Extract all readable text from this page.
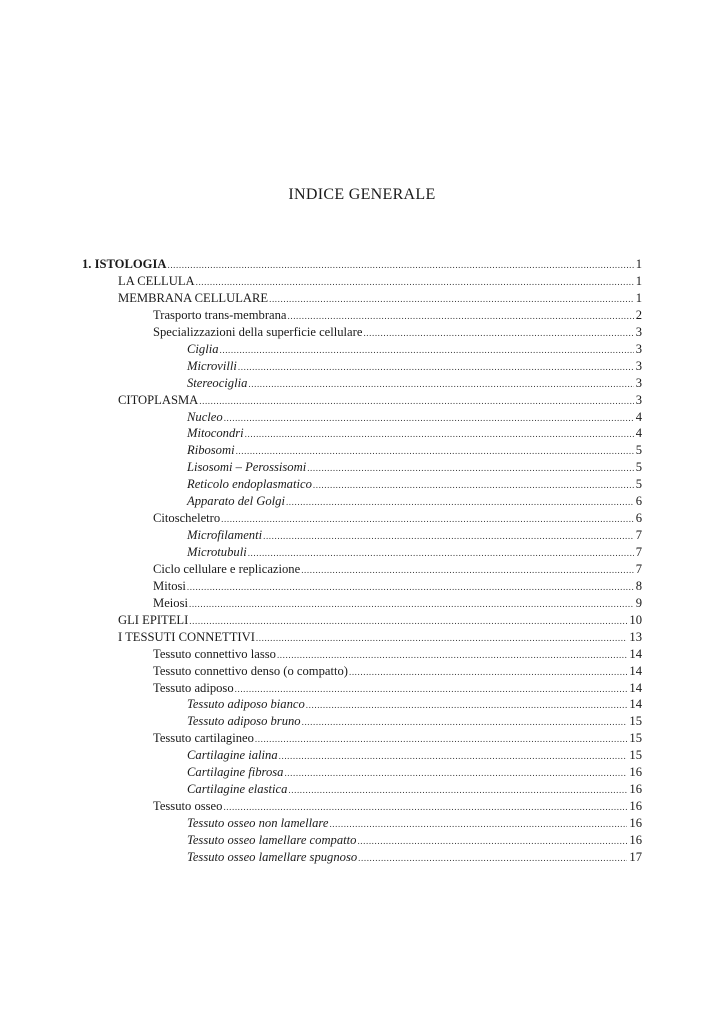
INDICE GENERALE
1. ISTOLOGIA .....	1
LA CELLULA .....	1
MEMBRANA CELLULARE .....	1
Trasporto trans-membrana .....	2
Specializzazioni della superficie cellulare .....	3
Ciglia .....	3
Microvilli .....	3
Stereociglia .....	3
CITOPLASMA .....	3
Nucleo .....	4
Mitocondri .....	4
Ribosomi .....	5
Lisosomi – Perossisomi .....	5
Reticolo endoplasmatico .....	5
Apparato del Golgi .....	6
Citoscheletro .....	6
Microfilamenti .....	7
Microtubuli .....	7
Ciclo cellulare e replicazione .....	7
Mitosi .....	8
Meiosi .....	9
GLI EPITELI .....	10
I TESSUTI CONNETTIVI .....	13
Tessuto connettivo lasso .....	14
Tessuto connettivo denso (o compatto) .....	14
Tessuto adiposo .....	14
Tessuto adiposo bianco .....	14
Tessuto adiposo bruno .....	15
Tessuto cartilagineo .....	15
Cartilagine ialina .....	15
Cartilagine fibrosa .....	16
Cartilagine elastica .....	16
Tessuto osseo .....	16
Tessuto osseo non lamellare .....	16
Tessuto osseo lamellare compatto .....	16
Tessuto osseo lamellare spugnoso .....	17
